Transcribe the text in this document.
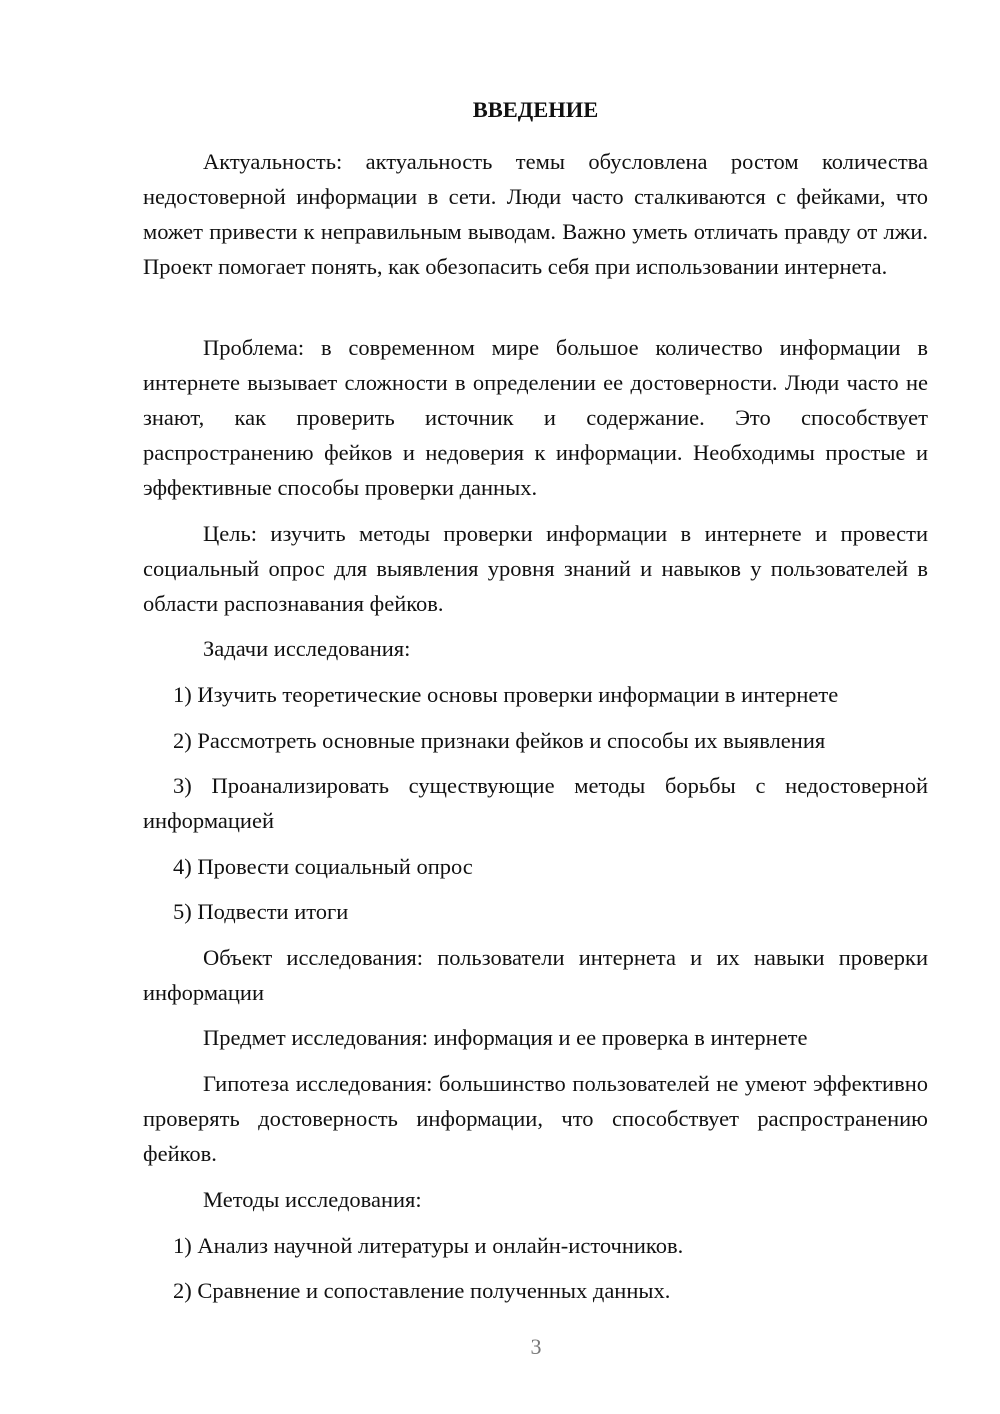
ВВЕДЕНИЕ

Актуальность: актуальность темы обусловлена ростом количества недостоверной информации в сети. Люди часто сталкиваются с фейками, что может привести к неправильным выводам. Важно уметь отличать правду от лжи. Проект помогает понять, как обезопасить себя при использовании интернета.

Проблема: в современном мире большое количество информации в интернете вызывает сложности в определении ее достоверности. Люди часто не знают, как проверить источник и содержание. Это способствует распространению фейков и недоверия к информации. Необходимы простые и эффективные способы проверки данных.

Цель: изучить методы проверки информации в интернете и провести социальный опрос для выявления уровня знаний и навыков у пользователей в области распознавания фейков.

Задачи исследования:

1) Изучить теоретические основы проверки информации в интернете

2) Рассмотреть основные признаки фейков и способы их выявления

3) Проанализировать существующие методы борьбы с недостоверной информацией

4) Провести социальный опрос

5) Подвести итоги

Объект исследования: пользователи интернета и их навыки проверки информации

Предмет исследования: информация и ее проверка в интернете

Гипотеза исследования: большинство пользователей не умеют эффективно проверять достоверность информации, что способствует распространению фейков.

Методы исследования:

1) Анализ научной литературы и онлайн-источников.

2) Сравнение и сопоставление полученных данных.

3
